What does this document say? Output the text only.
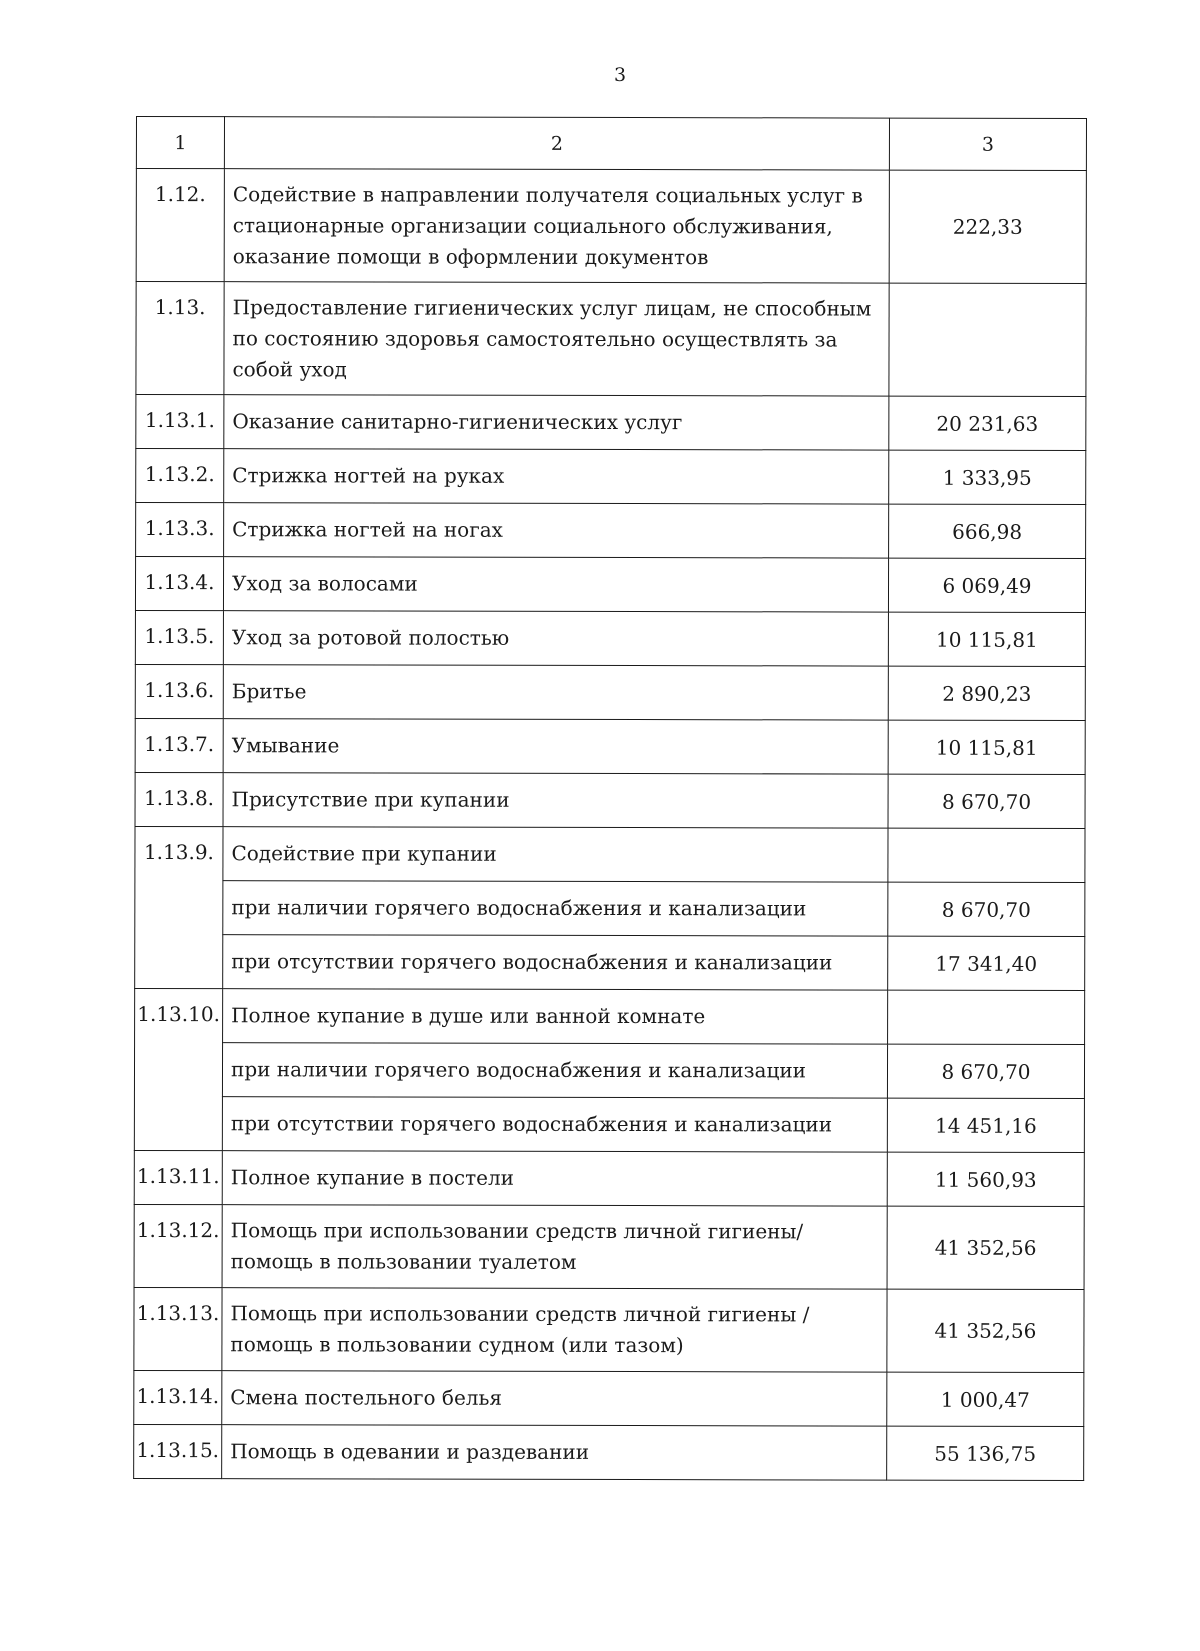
3
1	2	3
1.12.	Содействие в направлении получателя социальных услуг в стационарные организации социального обслуживания, оказание помощи в оформлении документов	222,33
1.13.	Предоставление гигиенических услуг лицам, не способным по состоянию здоровья самостоятельно осуществлять за собой уход	
1.13.1.	Оказание санитарно-гигиенических услуг	20 231,63
1.13.2.	Стрижка ногтей на руках	1 333,95
1.13.3.	Стрижка ногтей на ногах	666,98
1.13.4.	Уход за волосами	6 069,49
1.13.5.	Уход за ротовой полостью	10 115,81
1.13.6.	Бритье	2 890,23
1.13.7.	Умывание	10 115,81
1.13.8.	Присутствие при купании	8 670,70
1.13.9.	Содействие при купании	
	при наличии горячего водоснабжения и канализации	8 670,70
	при отсутствии горячего водоснабжения и канализации	17 341,40
1.13.10.	Полное купание в душе или ванной комнате	
	при наличии горячего водоснабжения и канализации	8 670,70
	при отсутствии горячего водоснабжения и канализации	14 451,16
1.13.11.	Полное купание в постели	11 560,93
1.13.12.	Помощь при использовании средств личной гигиены/помощь в пользовании туалетом	41 352,56
1.13.13.	Помощь при использовании средств личной гигиены / помощь в пользовании судном (или тазом)	41 352,56
1.13.14.	Смена постельного белья	1 000,47
1.13.15.	Помощь в одевании и раздевании	55 136,75
